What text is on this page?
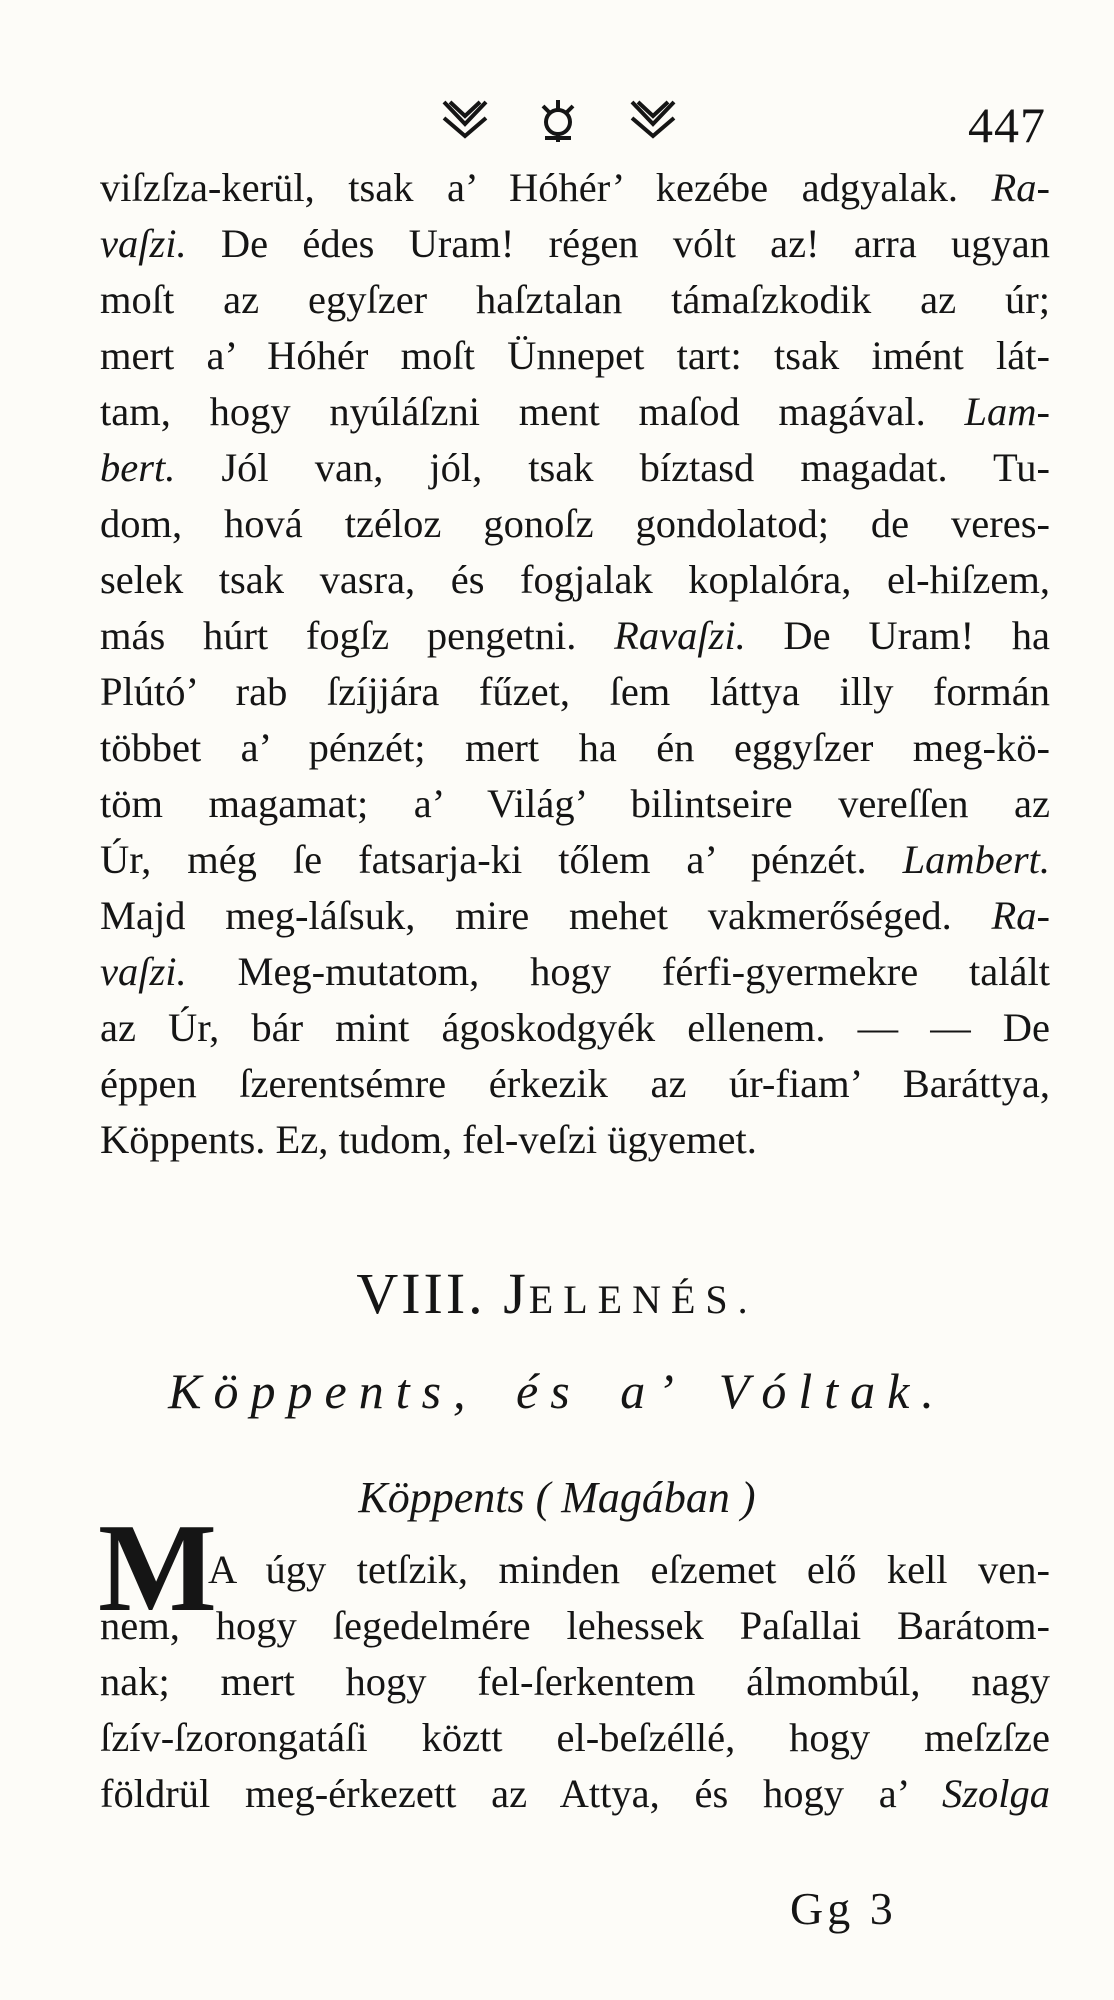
447
viſzſza-kerül, tsak a’ Hóhér’ kezébe adgyalak. Ra-
vaſzi. De édes Uram! régen vólt az! arra ugyan
moſt az egyſzer haſztalan támaſzkodik az úr;
mert a’ Hóhér moſt Ünnepet tart: tsak imént lát-
tam, hogy nyúláſzni ment maſod magával. Lam-
bert. Jól van, jól, tsak bíztasd magadat. Tu-
dom, hová tzéloz gonoſz gondolatod; de veres-
selek tsak vasra, és fogjalak koplalóra, el-hiſzem,
más húrt fogſz pengetni. Ravaſzi. De Uram! ha
Plútó’ rab ſzíjjára fűzet, ſem láttya illy formán
többet a’ pénzét; mert ha én eggyſzer meg-kö-
töm magamat; a’ Világ’ bilintseire vereſſen az
Úr, még ſe fatsarja-ki tőlem a’ pénzét. Lambert.
Majd meg-láſsuk, mire mehet vakmerőséged. Ra-
vaſzi. Meg-mutatom, hogy férfi-gyermekre talált
az Úr, bár mint ágoskodgyék ellenem. — — De
éppen ſzerentsémre érkezik az úr-fiam’ Baráttya,
Köppents. Ez, tudom, fel-veſzi ügyemet.
VIII. JELENÉS.
Köppents, és a’ Vóltak.
Köppents ( Magában )
M
A úgy tetſzik, minden eſzemet elő kell ven-
nem, hogy ſegedelmére lehessek Paſallai Barátom-
nak; mert hogy fel-ſerkentem álmombúl, nagy
ſzív-ſzorongatáſi köztt el-beſzéllé, hogy meſzſze
földrül meg-érkezett az Attya, és hogy a’ Szolga
Gg 3
